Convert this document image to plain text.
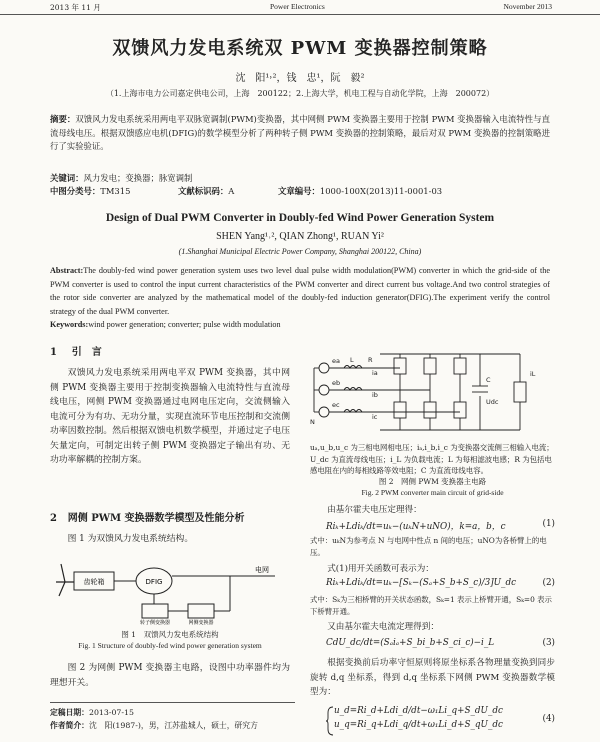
2013 年 11 月	Power Electronics	November 2013
双馈风力发电系统双 PWM 变换器控制策略
沈　阳¹˒²，钱　忠¹，阮　毅²
（1.上海市电力公司嘉定供电公司，上海　200122；2.上海大学，机电工程与自动化学院，上海　200072）
摘要：双馈风力发电系统采用两电平双脉宽调制(PWM)变换器，其中网侧 PWM 变换器主要用于控制 PWM 变换器输入电流特性与直流母线电压。根据双馈感应电机(DFIG)的数学模型分析了两种转子侧 PWM 变换器的控制策略，最后对双 PWM 变换器的控制策略进行了实验验证。
关键词：风力发电；变换器；脉宽调制
中图分类号：TM315	文献标识码：A	文章编号：1000-100X(2013)11-0001-03
Design of Dual PWM Converter in Doubly-fed Wind Power Generation System
SHEN Yang¹˒², QIAN Zhong¹, RUAN Yi²
(1.Shanghai Municipal Electric Power Company, Shanghai 200122, China)
Abstract:The doubly-fed wind power generation system uses two level dual pulse width modulation(PWM) converter in which the grid-side of the PWM converter is used to control the input current characteristics of the PWM converter and direct current bus voltage.And two control strategies of the rotor side converter are analyzed by the mathematical model of the doubly-fed induction generator(DFIG).The experiment verify the control strategy of the dual PWM converter.
Keywords:wind power generation; converter; pulse width modulation
1 引　言

双馈风力发电系统采用两电平双 PWM 变换器，其中网侧 PWM 变换器主要用于控制变换器输入电流特性与直流母线电压，网侧 PWM 变换器通过电网电压定向，交流侧输入电流可分为有功、无功分量，实现直流环节电压控制和交流侧功率因数控制。然后根据双馈电机数学模型，并通过定子电压矢量定向，可制定出转子侧 PWM 变换器定子输出有功、无功功率解耦的控制方案。

2 网侧 PWM 变换器数学模型及性能分析

图 1 为双馈风力发电系统结构。

齿轮箱	DFIG
电网
转子侧变换器	网侧变换器
图 1　双馈风力发电系统结构
Fig. 1 Structure of doubly-fed wind power generation system

图 2 为网侧 PWM 变换器主电路，设图中功率器件均为理想开关。

定稿日期：2013-07-15
作者简介：沈　阳(1987-)，男，江苏盐城人，硕士，研究方
ea
eb
ec
L R
ia
ib
ic
N
C
Udc
iL
uₐ,u_b,u_c 为三相电网相电压；iₐ,i_b,i_c 为变换器交流侧三相输入电流；U_dc 为直流母线电压；i_L 为负载电流；L 为每相滤波电感；R 为包括电感电阻在内的每相线路等效电阻；C 为直流母线电容。
图 2　网侧 PWM 变换器主电路
Fig. 2 PWM converter main circuit of grid-side

由基尔霍夫电压定理得：

Riₖ+Ldiₖ/dt=uₖ−(uₖN+uNO)，k=a，b，c	(1)
式中：uₖN为参考点 N 与电网中性点 n 间的电压；uNO为各桥臂上的电压。

式(1)用开关函数可表示为：

Riₖ+Ldiₖ/dt=uₖ−[Sₖ−(Sₐ+S_b+S_c)/3]U_dc	(2)
式中：Sₖ为三相桥臂的开关状态函数，Sₖ=1 表示上桥臂开通，Sₖ=0 表示下桥臂开通。

又由基尔霍夫电流定理得到：

CdU_dc/dt=(Sₐiₐ+S_bi_b+S_ci_c)−i_L	(3)

根据变换前后功率守恒原则将原坐标系各物理量变换到同步旋转 d,q 坐标系，得到 d,q 坐标系下网侧 PWM 变换器数学模型为：

u_d=Ri_d+Ldi_d/dt−ω₁Li_q+S_dU_dc
u_q=Ri_q+Ldi_q/dt+ω₁Li_d+S_qU_dc
(4)
